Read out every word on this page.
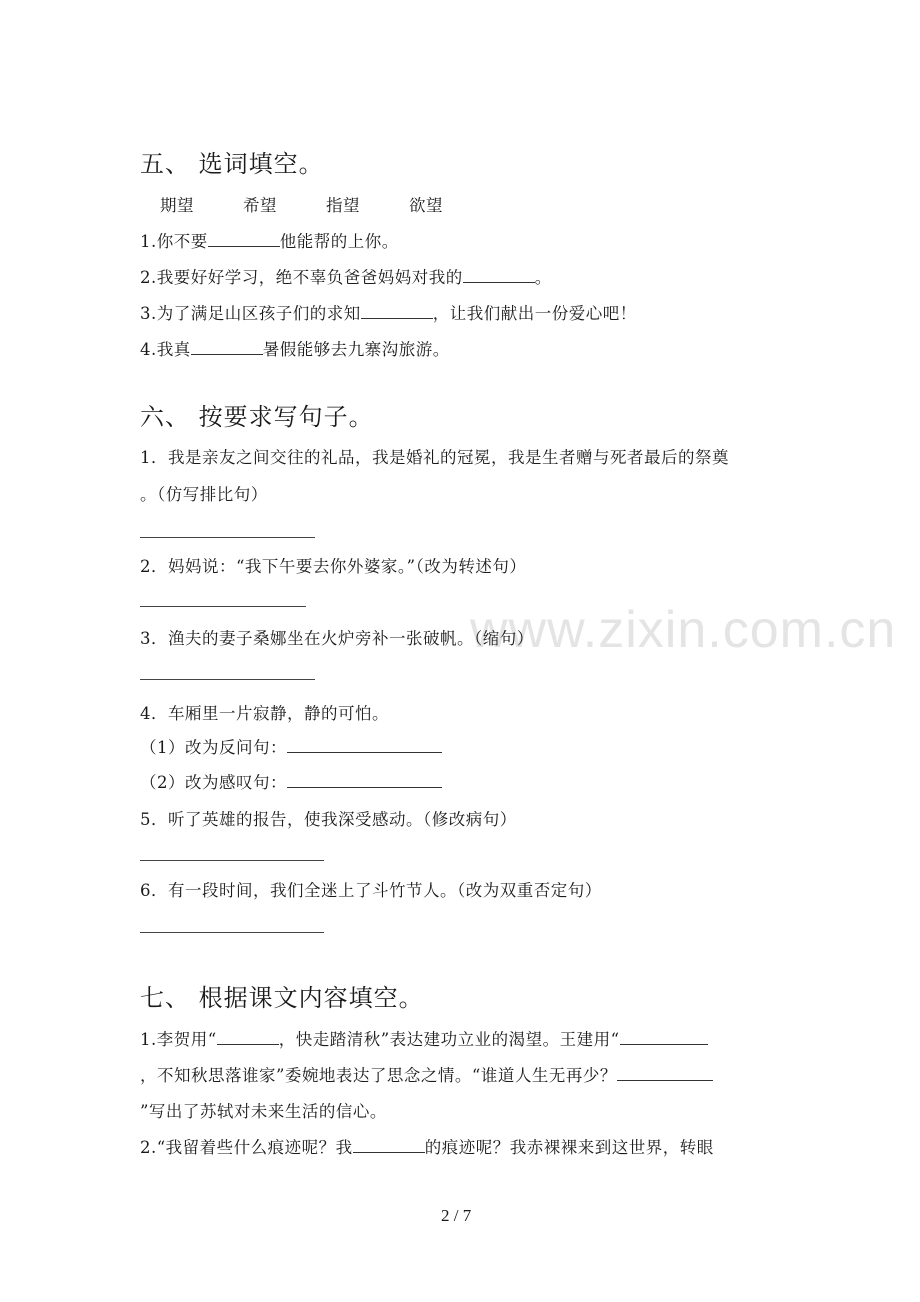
www.zixin.com.cn
五、 选词填空。
期望	希望	指望	欲望
1.你不要	他能帮的上你。
2.我要好好学习，绝不辜负爸爸妈妈对我的	。
3.为了满足山区孩子们的求知	，让我们献出一份爱心吧！
4.我真	暑假能够去九寨沟旅游。
六、 按要求写句子。
1．我是亲友之间交往的礼品，我是婚礼的冠冕，我是生者赠与死者最后的祭奠
。（仿写排比句）
2．妈妈说：“我下午要去你外婆家。”（改为转述句）
3．渔夫的妻子桑娜坐在火炉旁补一张破帆。（缩句）
4．车厢里一片寂静，静的可怕。
（1）改为反问句：
（2）改为感叹句：
5．听了英雄的报告，使我深受感动。（修改病句）
6．有一段时间，我们全迷上了斗竹节人。（改为双重否定句）
七、 根据课文内容填空。
1.李贺用“	，快走踏清秋”表达建功立业的渴望。王建用“
，不知秋思落谁家”委婉地表达了思念之情。“谁道人生无再少？
”写出了苏轼对未来生活的信心。
2.“我留着些什么痕迹呢？我	的痕迹呢？我赤裸裸来到这世界，转眼
2 / 7
